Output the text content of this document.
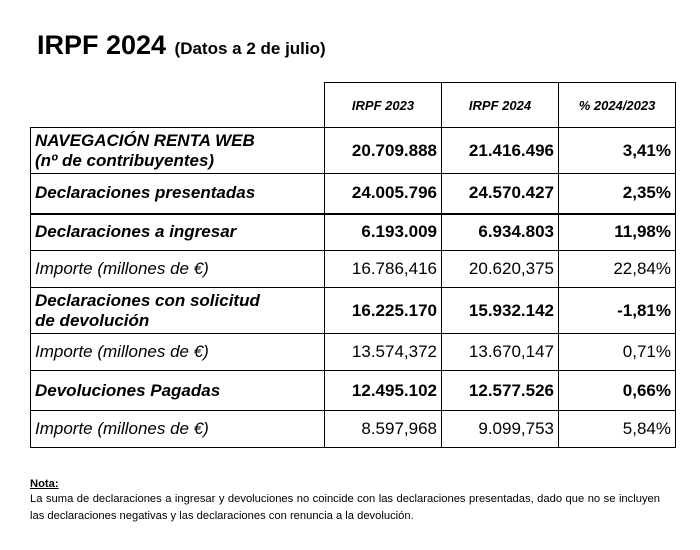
IRPF 2024 (Datos a 2 de julio)
	IRPF 2023	IRPF 2024	% 2024/2023
NAVEGACIÓN RENTA WEB
(nº de contribuyentes)	20.709.888	21.416.496	3,41%
Declaraciones presentadas	24.005.796	24.570.427	2,35%
Declaraciones a ingresar	6.193.009	6.934.803	11,98%
Importe (millones de €)	16.786,416	20.620,375	22,84%
Declaraciones con solicitud
de devolución	16.225.170	15.932.142	-1,81%
Importe (millones de €)	13.574,372	13.670,147	0,71%
Devoluciones Pagadas	12.495.102	12.577.526	0,66%
Importe (millones de €)	8.597,968	9.099,753	5,84%
Nota:
La suma de declaraciones a ingresar y devoluciones no coincide con las declaraciones presentadas, dado que no se incluyen las declaraciones negativas y las declaraciones con renuncia a la devolución.
